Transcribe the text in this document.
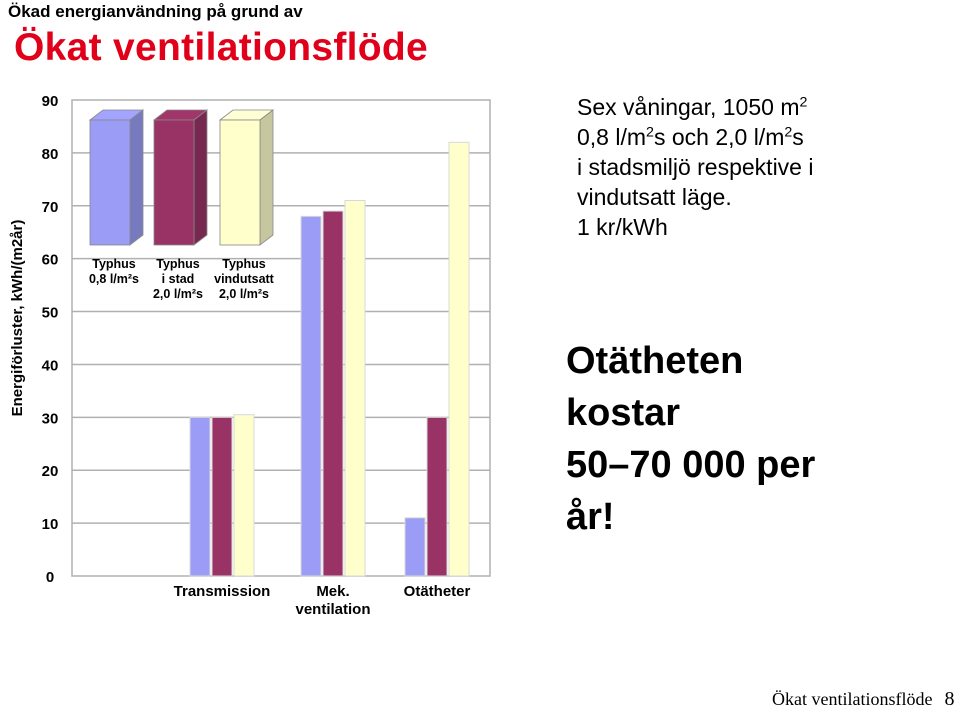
Ökad energianvändning på grund av
Ökat ventilationsflöde
0
10
20
30
40
50
60
70
80
90
Energiförluster, kWh/(m2år)
Transmission	Mek.
ventilation
Otätheter
Typhus
0,8 l/m²s
Typhus
i stad
2,0 l/m²s
Typhus
vindutsatt
2,0 l/m²s
Sex våningar, 1050 $m^2$
0,8 $l/m^2s$ och 2,0 $l/m^2s$
i stadsmiljö respektive i
vindutsatt läge.
1 kr/kWh
Otätheten
kostar
50–70 000 per
år!
Ökat ventilationsflöde 8
